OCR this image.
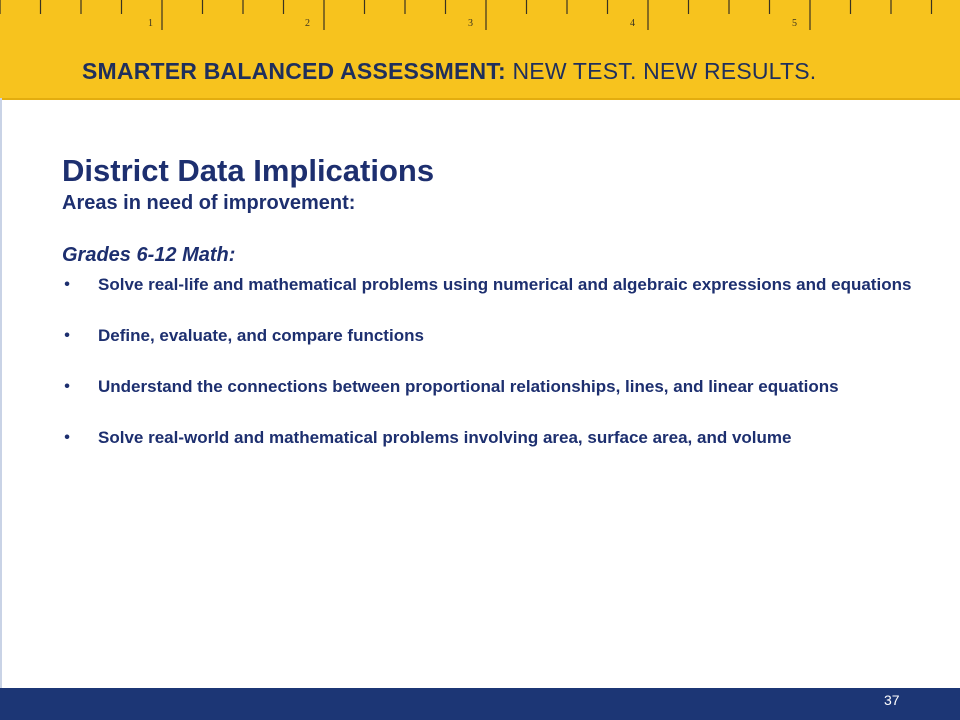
1	2	3	4	5
SMARTER BALANCED ASSESSMENT: NEW TEST. NEW RESULTS.
District Data Implications
Areas in need of improvement:
Grades 6-12 Math:
• Solve real-life and mathematical problems using numerical and algebraic expressions and equations
• Define, evaluate, and compare functions
• Understand the connections between proportional relationships, lines, and linear equations
• Solve real-world and mathematical problems involving area, surface area, and volume
37
